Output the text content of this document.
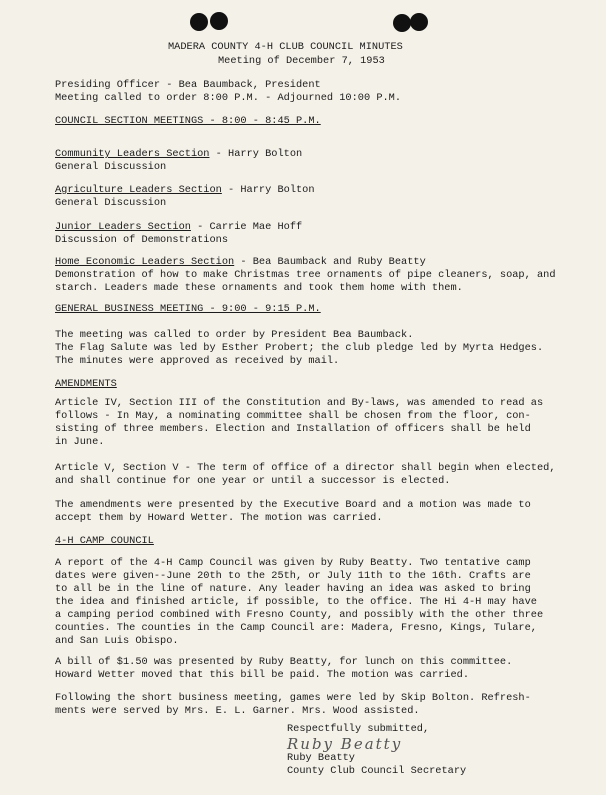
MADERA COUNTY 4-H CLUB COUNCIL MINUTES
Meeting of December 7, 1953
Presiding Officer - Bea Baumback, President
Meeting called to order 8:00 P.M. - Adjourned 10:00 P.M.
COUNCIL SECTION MEETINGS - 8:00 - 8:45 P.M.
Community Leaders Section - Harry Bolton
General Discussion
Agriculture Leaders Section - Harry Bolton
General Discussion
Junior Leaders Section - Carrie Mae Hoff
Discussion of Demonstrations
Home Economic Leaders Section - Bea Baumback and Ruby Beatty
Demonstration of how to make Christmas tree ornaments of pipe cleaners, soap, and
starch. Leaders made these ornaments and took them home with them.
GENERAL BUSINESS MEETING - 9:00 - 9:15 P.M.
The meeting was called to order by President Bea Baumback.
The Flag Salute was led by Esther Probert; the club pledge led by Myrta Hedges.
The minutes were approved as received by mail.
AMENDMENTS
Article IV, Section III of the Constitution and By-laws, was amended to read as
follows - In May, a nominating committee shall be chosen from the floor, con-
sisting of three members. Election and Installation of officers shall be held
in June.
Article V, Section V - The term of office of a director shall begin when elected,
and shall continue for one year or until a successor is elected.
The amendments were presented by the Executive Board and a motion was made to
accept them by Howard Wetter. The motion was carried.
4-H CAMP COUNCIL
A report of the 4-H Camp Council was given by Ruby Beatty. Two tentative camp
dates were given--June 20th to the 25th, or July 11th to the 16th. Crafts are
to all be in the line of nature. Any leader having an idea was asked to bring
the idea and finished article, if possible, to the office. The Hi 4-H may have
a camping period combined with Fresno County, and possibly with the other three
counties. The counties in the Camp Council are: Madera, Fresno, Kings, Tulare,
and San Luis Obispo.
A bill of $1.50 was presented by Ruby Beatty, for lunch on this committee.
Howard Wetter moved that this bill be paid. The motion was carried.
Following the short business meeting, games were led by Skip Bolton. Refresh-
ments were served by Mrs. E. L. Garner. Mrs. Wood assisted.
Respectfully submitted,
Ruby Beatty
Ruby Beatty
County Club Council Secretary
